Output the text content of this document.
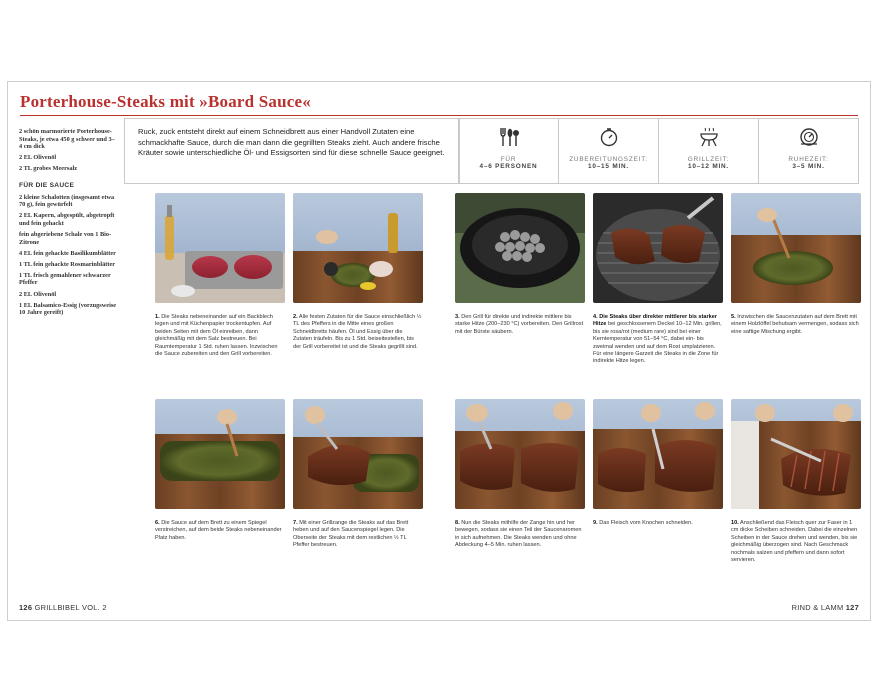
Porterhouse-Steaks mit »Board Sauce«
2 schön marmorierte Porterhouse-Steaks, je etwa 450 g schwer und 3–4 cm dick
2 EL Olivenöl
2 TL grobes Meersalz
FÜR DIE SAUCE
2 kleine Schalotten (insgesamt etwa 70 g), fein gewürfelt
2 EL Kapern, abgespült, abgetropft und fein gehackt
fein abgeriebene Schale von 1 Bio-Zitrone
4 EL fein gehackte Basilikumblätter
1 TL fein gehackte Rosmarinblätter
1 TL frisch gemahlener schwarzer Pfeffer
2 EL Olivenöl
1 EL Balsamico-Essig (vorzugsweise 10 Jahre gereift)

Ruck, zuck entsteht direkt auf einem Schneidbrett aus einer Handvoll Zutaten eine schmackhafte Sauce, durch die man dann die gegrillten Steaks zieht. Auch andere frische Kräuter sowie unterschiedliche Öl- und Essigsorten sind für diese schnelle Sauce geeignet.

FÜR
4–6 PERSONEN
ZUBEREITUNGSZEIT:
10–15 MIN.
GRILLZEIT:
10–12 MIN.
RUHEZEIT:
3–5 MIN.
1. Die Steaks nebeneinander auf ein Backblech legen und mit Küchenpapier trockentupfen. Auf beiden Seiten mit dem Öl einreiben, dann gleichmäßig mit dem Salz bestreuen. Bei Raumtemperatur 1 Std. ruhen lassen. Inzwischen die Sauce zubereiten und den Grill vorbereiten.
2. Alle festen Zutaten für die Sauce einschließlich ½ TL des Pfeffers in die Mitte eines großen Schneidbretts häufen. Öl und Essig über die Zutaten träufeln. Bis zu 1 Std. beiseitestellen, bis der Grill vorbereitet ist und die Steaks gegrillt sind.
3. Den Grill für direkte und indirekte mittlere bis starke Hitze (200–230 °C) vorbereiten. Den Grillrost mit der Bürste säubern.
4. Die Steaks über direkter mittlerer bis starker Hitze bei geschlossenem Deckel 10–12 Min. grillen, bis sie rosa/rot (medium rare) sind bei einer Kerntemperatur von 51–54 °C, dabei ein- bis zweimal wenden und auf dem Rost umplatzieren. Für eine längere Garzeit die Steaks in die Zone für indirekte Hitze legen.
5. Inzwischen die Saucenzutaten auf dem Brett mit einem Holzlöffel behutsam vermengen, sodass sich eine saftige Mischung ergibt.
6. Die Sauce auf dem Brett zu einem Spiegel verstreichen, auf dem beide Steaks nebeneinander Platz haben.
7. Mit einer Grillzange die Steaks auf das Brett heben und auf den Saucenspiegel legen. Die Oberseite der Steaks mit dem restlichen ½ TL Pfeffer bestreuen.
8. Nun die Steaks mithilfe der Zange hin und her bewegen, sodass sie einen Teil der Saucenaromen in sich aufnehmen. Die Steaks wenden und ohne Abdeckung 4–5 Min. ruhen lassen.
9. Das Fleisch vom Knochen schneiden.	10. Anschließend das Fleisch quer zur Faser in 1 cm dicke Scheiben schneiden. Dabei die einzelnen Scheiben in der Sauce drehen und wenden, bis sie gleichmäßig überzogen sind. Nach Geschmack nochmals salzen und pfeffern und dann sofort servieren.
126 GRILLBIBEL VOL. 2	RIND & LAMM 127
